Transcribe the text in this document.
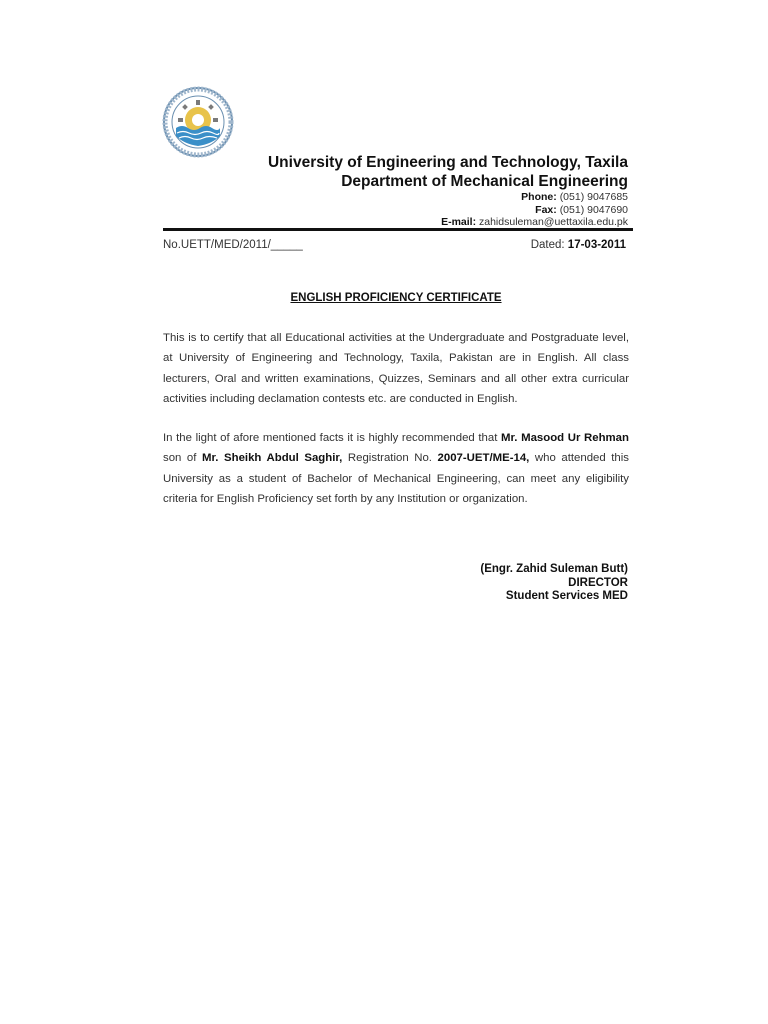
University of Engineering and Technology, Taxila
Department of Mechanical Engineering
Phone: (051) 9047685
Fax: (051) 9047690
E-mail: zahidsuleman@uettaxila.edu.pk
No.UETT/MED/2011/_____	Dated: 17-03-2011
ENGLISH PROFICIENCY CERTIFICATE
This is to certify that all Educational activities at the Undergraduate and Postgraduate level, at University of Engineering and Technology, Taxila, Pakistan are in English. All class lecturers, Oral and written examinations, Quizzes, Seminars and all other extra curricular activities including declamation contests etc. are conducted in English.
In the light of afore mentioned facts it is highly recommended that Mr. Masood Ur Rehman son of Mr. Sheikh Abdul Saghir, Registration No. 2007-UET/ME-14, who attended this University as a student of Bachelor of Mechanical Engineering, can meet any eligibility criteria for English Proficiency set forth by any Institution or organization.
(Engr. Zahid Suleman Butt)
DIRECTOR
Student Services MED
